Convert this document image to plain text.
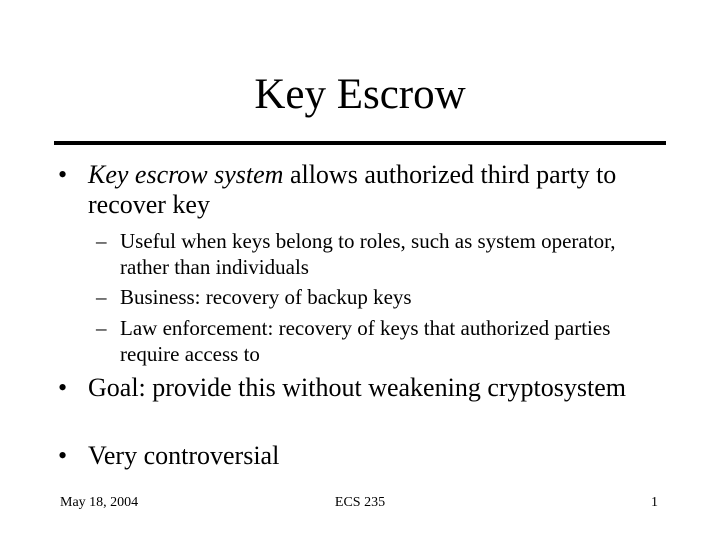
Key Escrow
• Key escrow system allows authorized third party to recover key
– Useful when keys belong to roles, such as system operator, rather than individuals
– Business: recovery of backup keys
– Law enforcement: recovery of keys that authorized parties require access to
• Goal: provide this without weakening cryptosystem
• Very controversial
May 18, 2004	ECS 235	1
